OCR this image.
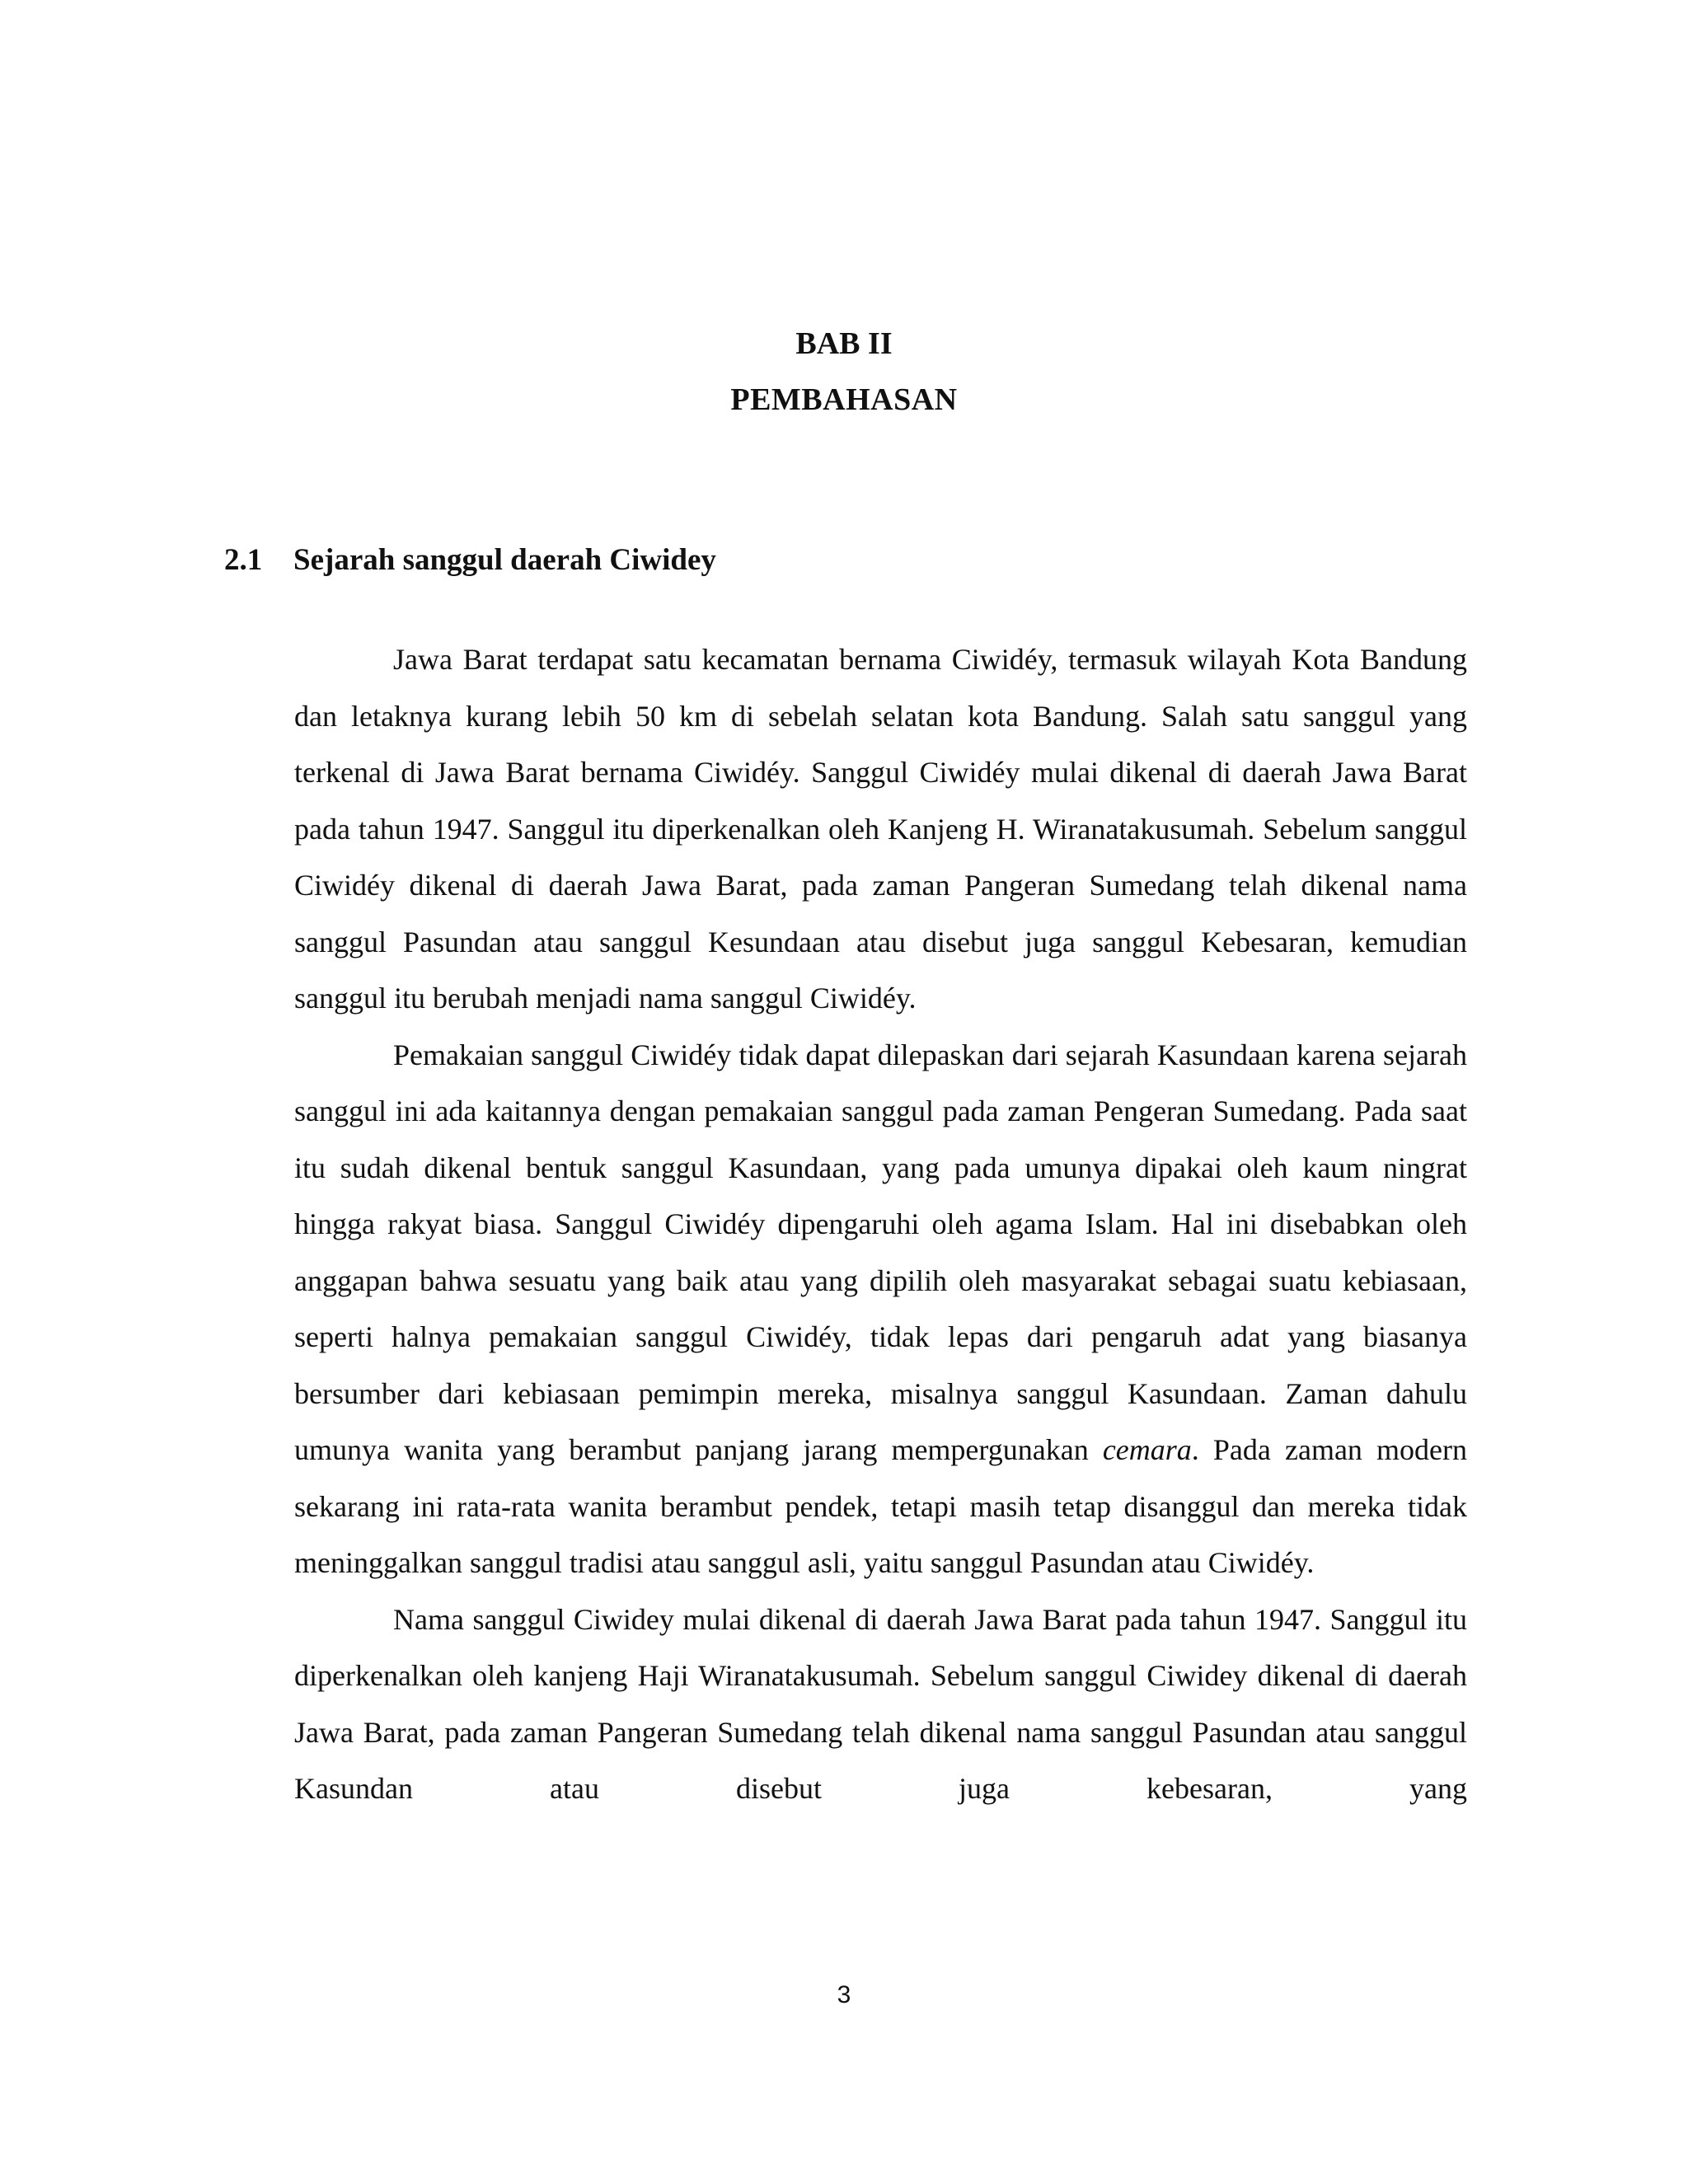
BAB II
PEMBAHASAN
2.1 Sejarah sanggul daerah Ciwidey

Jawa Barat terdapat satu kecamatan bernama Ciwidéy, termasuk wilayah Kota Bandung dan letaknya kurang lebih 50 km di sebelah selatan kota Bandung. Salah satu sanggul yang terkenal di Jawa Barat bernama Ciwidéy. Sanggul Ciwidéy mulai dikenal di daerah Jawa Barat pada tahun 1947. Sanggul itu diperkenalkan oleh Kanjeng H. Wiranatakusumah. Sebelum sanggul Ciwidéy dikenal di daerah Jawa Barat, pada zaman Pangeran Sumedang telah dikenal nama sanggul Pasundan atau sanggul Kesundaan atau disebut juga sanggul Kebesaran, kemudian sanggul itu berubah menjadi nama sanggul Ciwidéy.

Pemakaian sanggul Ciwidéy tidak dapat dilepaskan dari sejarah Kasundaan karena sejarah sanggul ini ada kaitannya dengan pemakaian sanggul pada zaman Pengeran Sumedang. Pada saat itu sudah dikenal bentuk sanggul Kasundaan, yang pada umunya dipakai oleh kaum ningrat hingga rakyat biasa. Sanggul Ciwidéy dipengaruhi oleh agama Islam. Hal ini disebabkan oleh anggapan bahwa sesuatu yang baik atau yang dipilih oleh masyarakat sebagai suatu kebiasaan, seperti halnya pemakaian sanggul Ciwidéy, tidak lepas dari pengaruh adat yang biasanya bersumber dari kebiasaan pemimpin mereka, misalnya sanggul Kasundaan. Zaman dahulu umunya wanita yang berambut panjang jarang mempergunakan cemara. Pada zaman modern sekarang ini rata-rata wanita berambut pendek, tetapi masih tetap disanggul dan mereka tidak meninggalkan sanggul tradisi atau sanggul asli, yaitu sanggul Pasundan atau Ciwidéy.

Nama sanggul Ciwidey mulai dikenal di daerah Jawa Barat pada tahun 1947. Sanggul itu diperkenalkan oleh kanjeng Haji Wiranatakusumah. Sebelum sanggul Ciwidey dikenal di daerah Jawa Barat, pada zaman Pangeran Sumedang telah dikenal nama sanggul Pasundan atau sanggul Kasundan atau disebut juga kebesaran, yang

3
